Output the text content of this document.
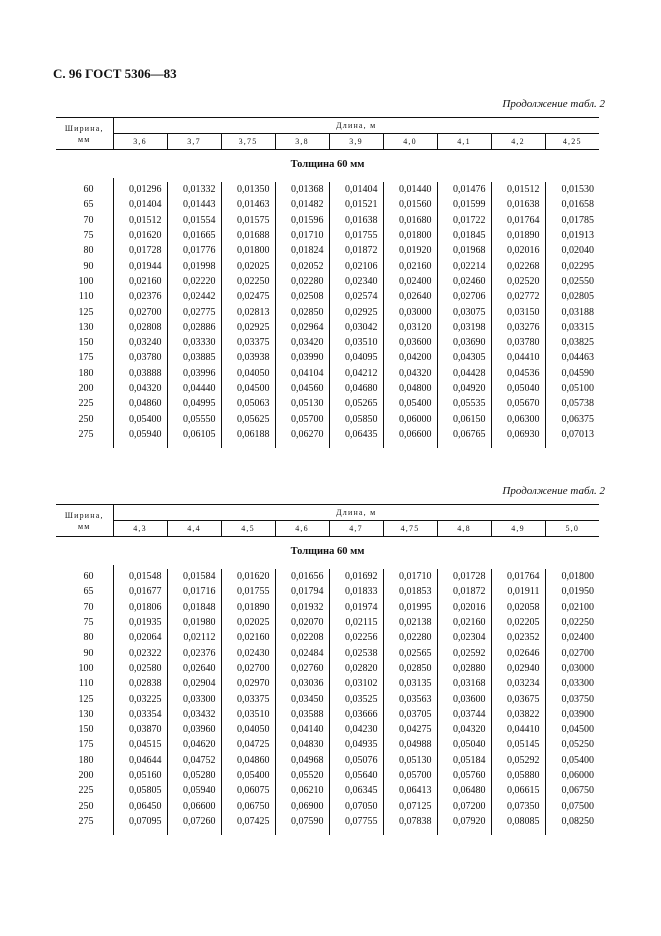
С. 96 ГОСТ 5306—83
Продолжение табл. 2
Ширина,
мм	Длина, м								
	3,6	3,7	3,75	3,8	3,9	4,0	4,1	4,2	4,25
Толщина 60 мм									

60	0,01296	0,01332	0,01350	0,01368	0,01404	0,01440	0,01476	0,01512	0,01530
65	0,01404	0,01443	0,01463	0,01482	0,01521	0,01560	0,01599	0,01638	0,01658
70	0,01512	0,01554	0,01575	0,01596	0,01638	0,01680	0,01722	0,01764	0,01785
75	0,01620	0,01665	0,01688	0,01710	0,01755	0,01800	0,01845	0,01890	0,01913
80	0,01728	0,01776	0,01800	0,01824	0,01872	0,01920	0,01968	0,02016	0,02040
90	0,01944	0,01998	0,02025	0,02052	0,02106	0,02160	0,02214	0,02268	0,02295
100	0,02160	0,02220	0,02250	0,02280	0,02340	0,02400	0,02460	0,02520	0,02550
110	0,02376	0,02442	0,02475	0,02508	0,02574	0,02640	0,02706	0,02772	0,02805
125	0,02700	0,02775	0,02813	0,02850	0,02925	0,03000	0,03075	0,03150	0,03188
130	0,02808	0,02886	0,02925	0,02964	0,03042	0,03120	0,03198	0,03276	0,03315
150	0,03240	0,03330	0,03375	0,03420	0,03510	0,03600	0,03690	0,03780	0,03825
175	0,03780	0,03885	0,03938	0,03990	0,04095	0,04200	0,04305	0,04410	0,04463
180	0,03888	0,03996	0,04050	0,04104	0,04212	0,04320	0,04428	0,04536	0,04590
200	0,04320	0,04440	0,04500	0,04560	0,04680	0,04800	0,04920	0,05040	0,05100
225	0,04860	0,04995	0,05063	0,05130	0,05265	0,05400	0,05535	0,05670	0,05738
250	0,05400	0,05550	0,05625	0,05700	0,05850	0,06000	0,06150	0,06300	0,06375
275	0,05940	0,06105	0,06188	0,06270	0,06435	0,06600	0,06765	0,06930	0,07013

Продолжение табл. 2
Ширина,
мм	Длина, м								
	4,3	4,4	4,5	4,6	4,7	4,75	4,8	4,9	5,0
Толщина 60 мм									

60	0,01548	0,01584	0,01620	0,01656	0,01692	0,01710	0,01728	0,01764	0,01800
65	0,01677	0,01716	0,01755	0,01794	0,01833	0,01853	0,01872	0,01911	0,01950
70	0,01806	0,01848	0,01890	0,01932	0,01974	0,01995	0,02016	0,02058	0,02100
75	0,01935	0,01980	0,02025	0,02070	0,02115	0,02138	0,02160	0,02205	0,02250
80	0,02064	0,02112	0,02160	0,02208	0,02256	0,02280	0,02304	0,02352	0,02400
90	0,02322	0,02376	0,02430	0,02484	0,02538	0,02565	0,02592	0,02646	0,02700
100	0,02580	0,02640	0,02700	0,02760	0,02820	0,02850	0,02880	0,02940	0,03000
110	0,02838	0,02904	0,02970	0,03036	0,03102	0,03135	0,03168	0,03234	0,03300
125	0,03225	0,03300	0,03375	0,03450	0,03525	0,03563	0,03600	0,03675	0,03750
130	0,03354	0,03432	0,03510	0,03588	0,03666	0,03705	0,03744	0,03822	0,03900
150	0,03870	0,03960	0,04050	0,04140	0,04230	0,04275	0,04320	0,04410	0,04500
175	0,04515	0,04620	0,04725	0,04830	0,04935	0,04988	0,05040	0,05145	0,05250
180	0,04644	0,04752	0,04860	0,04968	0,05076	0,05130	0,05184	0,05292	0,05400
200	0,05160	0,05280	0,05400	0,05520	0,05640	0,05700	0,05760	0,05880	0,06000
225	0,05805	0,05940	0,06075	0,06210	0,06345	0,06413	0,06480	0,06615	0,06750
250	0,06450	0,06600	0,06750	0,06900	0,07050	0,07125	0,07200	0,07350	0,07500
275	0,07095	0,07260	0,07425	0,07590	0,07755	0,07838	0,07920	0,08085	0,08250
